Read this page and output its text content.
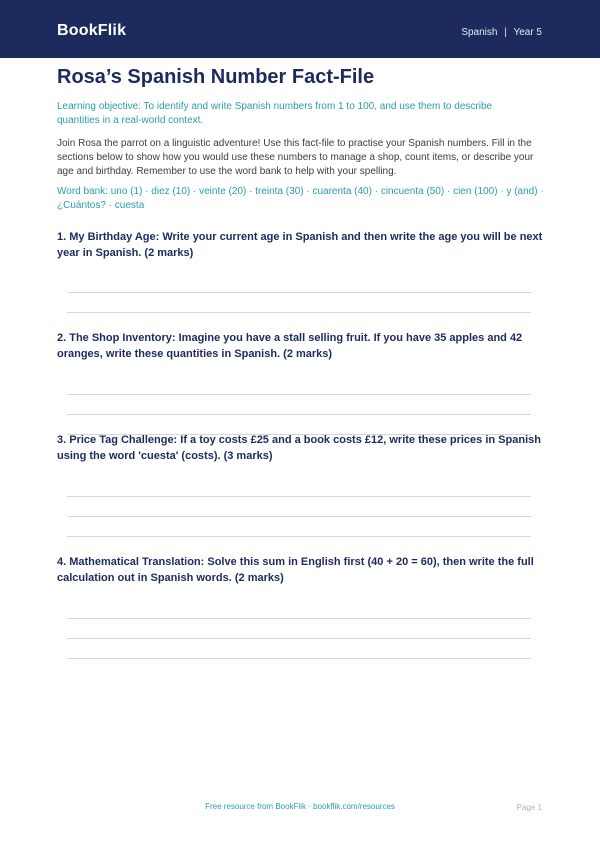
BookFlik	Spanish | Year 5
Rosa’s Spanish Number Fact-File
Learning objective: To identify and write Spanish numbers from 1 to 100, and use them to describe quantities in a real-world context.
Join Rosa the parrot on a linguistic adventure! Use this fact-file to practise your Spanish numbers. Fill in the sections below to show how you would use these numbers to manage a shop, count items, or describe your age and birthday. Remember to use the word bank to help with your spelling.
Word bank: uno (1) · diez (10) · veinte (20) · treinta (30) · cuarenta (40) · cincuenta (50) · cien (100) · y (and) · ¿Cuántos? · cuesta
1. My Birthday Age: Write your current age in Spanish and then write the age you will be next year in Spanish. (2 marks)
2. The Shop Inventory: Imagine you have a stall selling fruit. If you have 35 apples and 42 oranges, write these quantities in Spanish. (2 marks)
3. Price Tag Challenge: If a toy costs £25 and a book costs £12, write these prices in Spanish using the word 'cuesta' (costs). (3 marks)
4. Mathematical Translation: Solve this sum in English first (40 + 20 = 60), then write the full calculation out in Spanish words. (2 marks)
Free resource from BookFlik · bookflik.com/resources	Page 1
